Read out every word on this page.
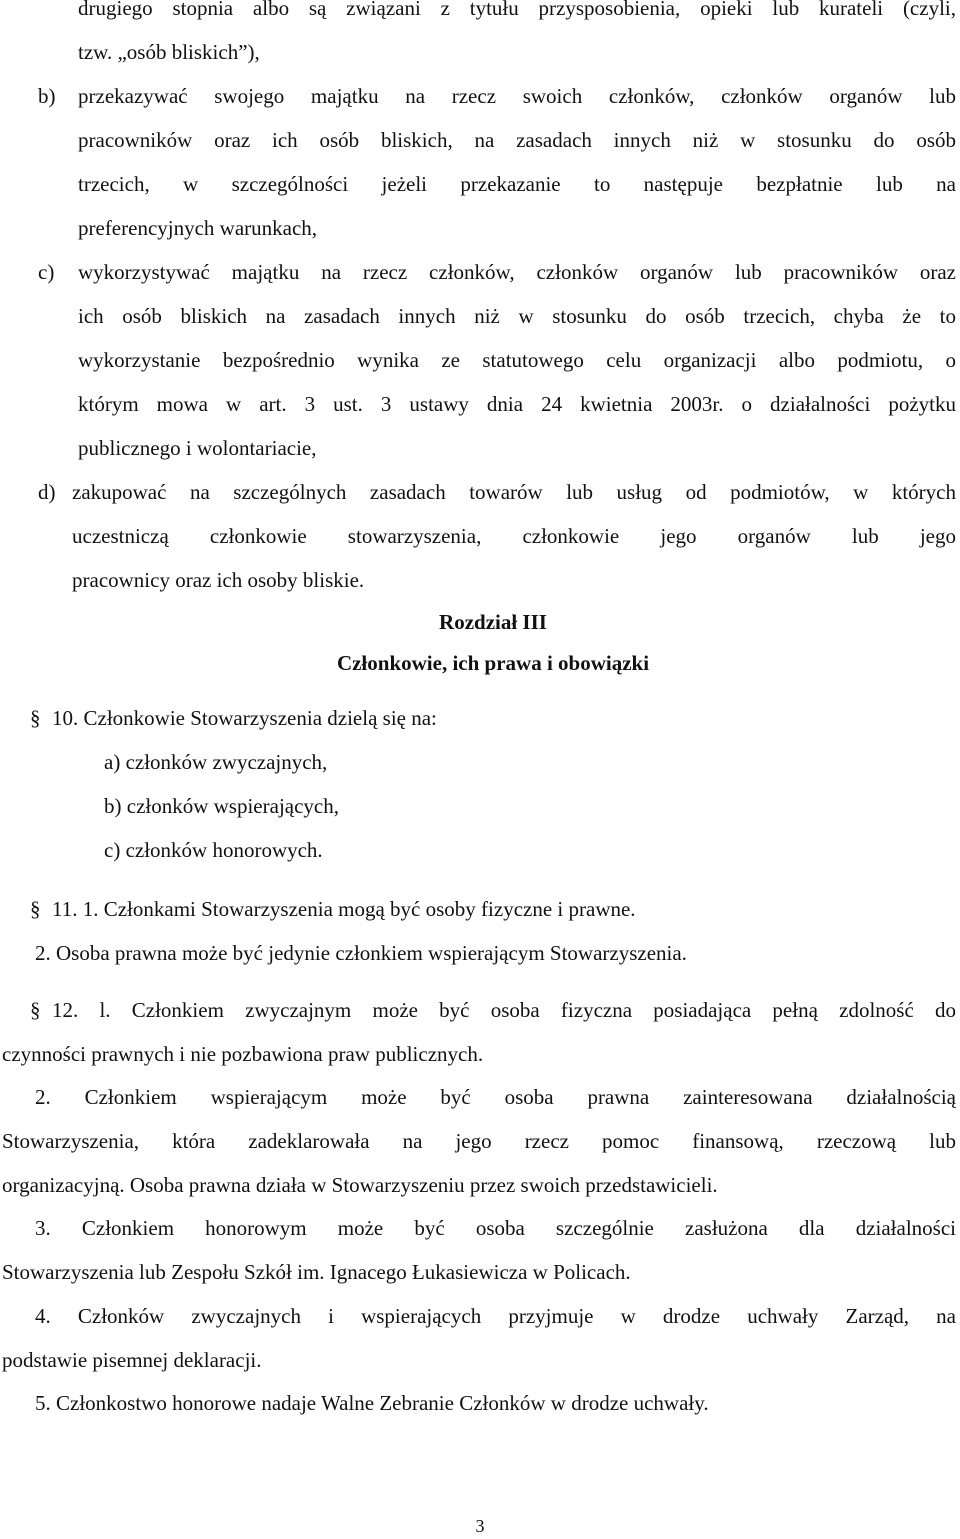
drugiego stopnia albo są związani z tytułu przysposobienia, opieki lub kurateli (czyli,
tzw. „osób bliskich”),
b) przekazywać swojego majątku na rzecz swoich członków, członków organów lub
pracowników oraz ich osób bliskich, na zasadach innych niż w stosunku do osób
trzecich, w szczególności jeżeli przekazanie to następuje bezpłatnie lub na
preferencyjnych warunkach,
c) wykorzystywać majątku na rzecz członków, członków organów lub pracowników oraz
ich osób bliskich na zasadach innych niż w stosunku do osób trzecich, chyba że to
wykorzystanie bezpośrednio wynika ze statutowego celu organizacji albo podmiotu, o
którym mowa w art. 3 ust. 3 ustawy dnia 24 kwietnia 2003r. o działalności pożytku
publicznego i wolontariacie,
d) zakupować na szczególnych zasadach towarów lub usług od podmiotów, w których
uczestniczą członkowie stowarzyszenia, członkowie jego organów lub jego
pracownicy oraz ich osoby bliskie.
Rozdział III
Członkowie, ich prawa i obowiązki
§ 10. Członkowie Stowarzyszenia dzielą się na:
a) członków zwyczajnych,
b) członków wspierających,
c) członków honorowych.
§ 11. 1. Członkami Stowarzyszenia mogą być osoby fizyczne i prawne.
2. Osoba prawna może być jedynie członkiem wspierającym Stowarzyszenia.
§ 12. l. Członkiem zwyczajnym może być osoba fizyczna posiadająca pełną zdolność do
czynności prawnych i nie pozbawiona praw publicznych.
2. Członkiem wspierającym może być osoba prawna zainteresowana działalnością
Stowarzyszenia, która zadeklarowała na jego rzecz pomoc finansową, rzeczową lub
organizacyjną. Osoba prawna działa w Stowarzyszeniu przez swoich przedstawicieli.
3. Członkiem honorowym może być osoba szczególnie zasłużona dla działalności
Stowarzyszenia lub Zespołu Szkół im. Ignacego Łukasiewicza w Policach.
4. Członków zwyczajnych i wspierających przyjmuje w drodze uchwały Zarząd, na
podstawie pisemnej deklaracji.
5. Członkostwo honorowe nadaje Walne Zebranie Członków w drodze uchwały.
3
